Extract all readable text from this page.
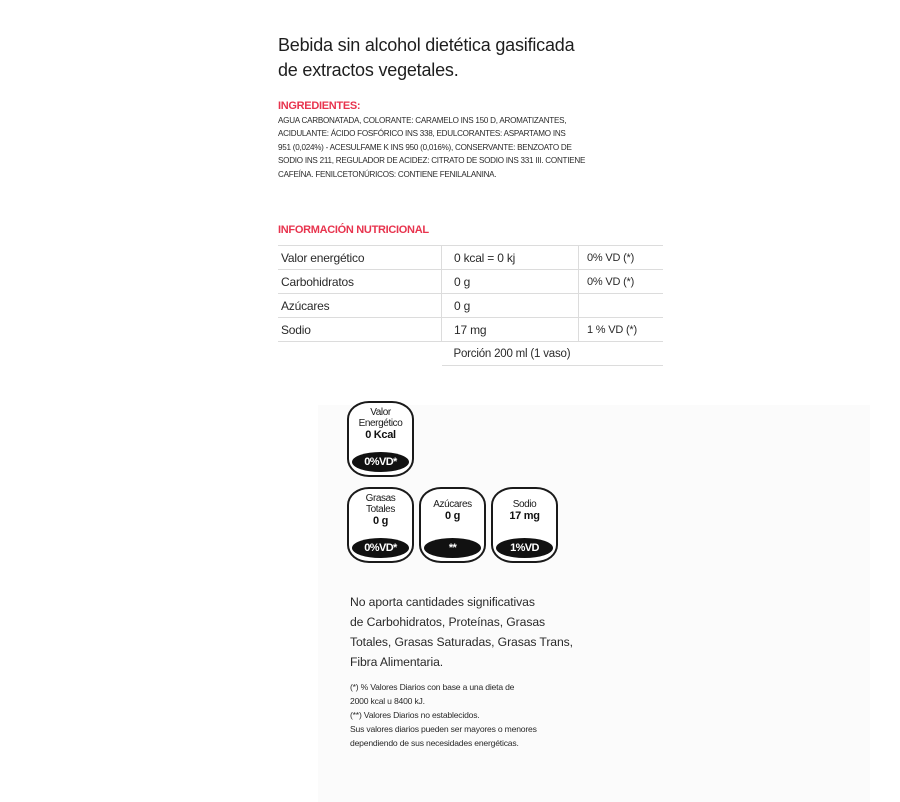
Bebida sin alcohol dietética gasificada
de extractos vegetales.
INGREDIENTES:
AGUA CARBONATADA, COLORANTE: CARAMELO INS 150 D, AROMATIZANTES,
ACIDULANTE: ÁCIDO FOSFÓRICO INS 338, EDULCORANTES: ASPARTAMO INS
951 (0,024%) - ACESULFAME K INS 950 (0,016%), CONSERVANTE: BENZOATO DE
SODIO INS 211, REGULADOR DE ACIDEZ: CITRATO DE SODIO INS 331 III. CONTIENE
CAFEÍNA. FENILCETONÚRICOS: CONTIENE FENILALANINA.
INFORMACIÓN NUTRICIONAL
Valor energético	0 kcal = 0 kj	0% VD (*)
Carbohidratos	0 g	0% VD (*)
Azúcares	0 g	
Sodio	17 mg	1 % VD (*)
	Porción 200 ml (1 vaso)	
Valor
Energético
0 Kcal
0%VD*
Grasas
Totales
0 g
0%VD*
Azúcares
0 g
**
Sodio
17 mg
1%VD
No aporta cantidades significativas
de Carbohidratos, Proteínas, Grasas
Totales, Grasas Saturadas, Grasas Trans,
Fibra Alimentaria.
(*) % Valores Diarios con base a una dieta de
2000 kcal u 8400 kJ.
(**) Valores Diarios no establecidos.
Sus valores diarios pueden ser mayores o menores
dependiendo de sus necesidades energéticas.
